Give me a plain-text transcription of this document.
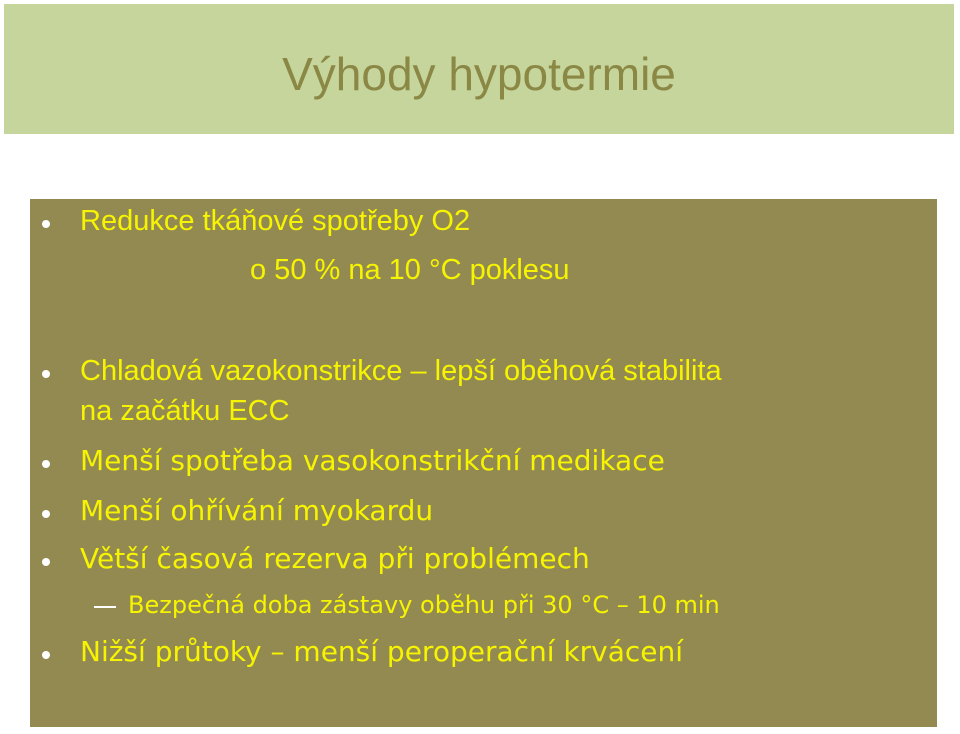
Výhody hypotermie
Redukce tkáňové spotřeby O2
o 50 % na 10 °C poklesu
Chladová vazokonstrikce – lepší oběhová stabilita
na začátku ECC
Menší spotřeba vasokonstrikční medikace
Menší ohřívání myokardu
Větší časová rezerva při problémech
Bezpečná doba zástavy oběhu při 30 °C – 10 min
Nižší průtoky – menší peroperační krvácení
